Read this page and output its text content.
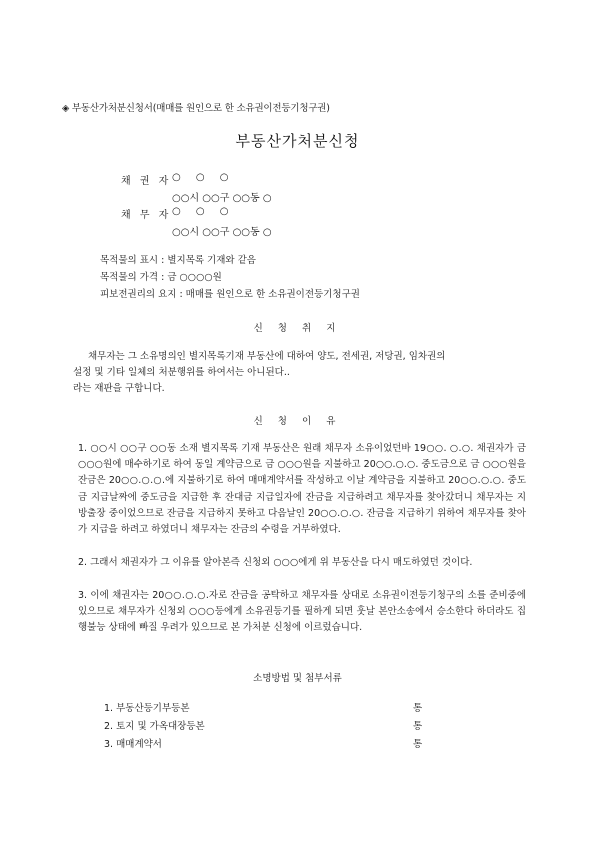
◈ 부동산가처분신청서(매매를 원인으로 한 소유권이전등기청구권)
부동산가처분신청
채 권 자 ○ ○ ○
○○시 ○○구 ○○동 ○
채 무 자 ○ ○ ○
○○시 ○○구 ○○동 ○
목적물의 표시 : 별지목록 기재와 같음
목적물의 가격 : 금 ○○○○원
피보전권리의 요지 : 매매를 원인으로 한 소유권이전등기청구권
신 청 취 지
채무자는 그 소유명의인 별지목록기재 부동산에 대하여 양도, 전세권, 저당권, 임차권의
설정 및 기타 일체의 처분행위를 하여서는 아니된다..
라는 재판을 구합니다.
신 청 이 유
1. ○○시 ○○구 ○○동 소재 별지목록 기재 부동산은 원래 채무자 소유이었던바 19○○. ○.○. 채권자가 금 ○○○원에 매수하기로 하여 동일 계약금으로 금 ○○○원을 지불하고 20○○.○.○. 중도금으로 금 ○○○원을 잔금은 20○○.○.○.에 지불하기로 하여 매매계약서를 작성하고 이날 계약금을 지불하고 20○○.○.○. 중도금 지급날짜에 중도금을 지급한 후 잔대금 지급일자에 잔금을 지급하려고 채무자를 찾아갔더니 채무자는 지방출장 중이었으므로 잔금을 지급하지 못하고 다음날인 20○○.○.○. 잔금을 지급하기 위하여 채무자를 찾아가 지급을 하려고 하였더니 채무자는 잔금의 수령을 거부하였다.
2. 그래서 채권자가 그 이유를 알아본즉 신청외 ○○○에게 위 부동산을 다시 매도하였던 것이다.
3. 이에 채권자는 20○○.○.○.자로 잔금을 공탁하고 채무자를 상대로 소유권이전등기청구의 소를 준비중에 있으므로 채무자가 신청외 ○○○등에게 소유권등기를 필하게 되면 훗날 본안소송에서 승소한다 하더라도 집행불능 상태에 빠질 우려가 있으므로 본 가처분 신청에 이르렀습니다.
소명방법 및 첨부서류
1. 부동산등기부등본	통
2. 토지 및 가옥대장등본	통
3. 매매계약서	통
